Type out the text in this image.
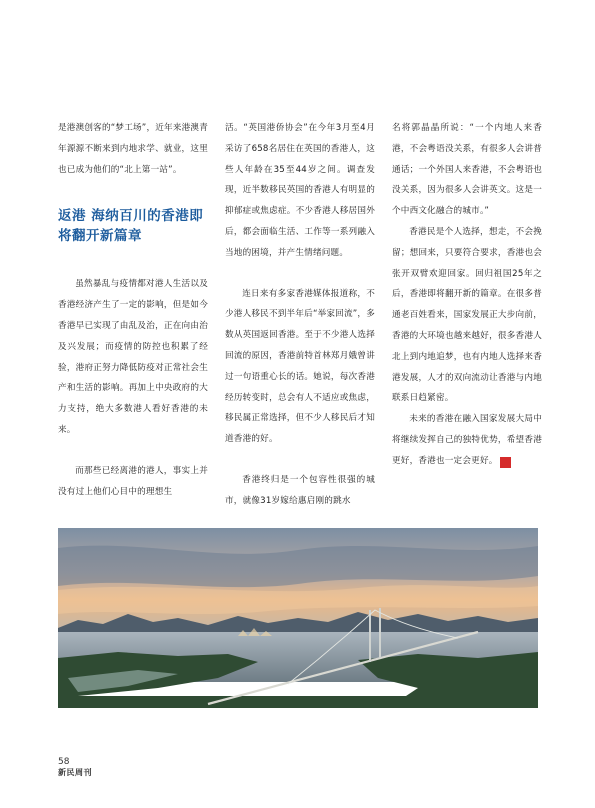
是港澳创客的“梦工场”，近年来港澳青年源源不断来到内地求学、就业，这里也已成为他们的“北上第一站”。

返港 海纳百川的香港即将翻开新篇章

虽然暴乱与疫情都对港人生活以及香港经济产生了一定的影响，但是如今香港早已实现了由乱及治，正在向由治及兴发展；而疫情的防控也积累了经验，港府正努力降低防疫对正常社会生产和生活的影响。再加上中央政府的大力支持，绝大多数港人看好香港的未来。

而那些已经离港的港人，事实上并没有过上他们心目中的理想生

活。“英国港侨协会”在今年3月至4月采访了658名居住在英国的香港人，这些人年龄在35至44岁之间。调查发现，近半数移民英国的香港人有明显的抑郁症或焦虑症。不少香港人移居国外后，都会面临生活、工作等一系列融入当地的困境，并产生情绪问题。

连日来有多家香港媒体报道称，不少港人移民不到半年后“举家回流”，多数从英国返回香港。至于不少港人选择回流的原因，香港前特首林郑月娥曾讲过一句语重心长的话。她说，每次香港经历转变时，总会有人不适应或焦虑，移民属正常选择，但不少人移民后才知道香港的好。

香港终归是一个包容性很强的城市，就像31岁嫁给惠启刚的跳水

名将郭晶晶所说：“一个内地人来香港，不会粤语没关系，有很多人会讲普通话；一个外国人来香港，不会粤语也没关系，因为很多人会讲英文。这是一个中西文化融合的城市。”

香港民是个人选择，想走，不会挽留；想回来，只要符合要求，香港也会张开双臂欢迎回家。回归祖国25年之后，香港即将翻开新的篇章。在很多普通老百姓看来，国家发展正大步向前，香港的大环境也越来越好，很多香港人北上到内地追梦，也有内地人选择来香港发展，人才的双向流动让香港与内地联系日趋紧密。

未来的香港在融入国家发展大局中将继续发挥自己的独特优势，希望香港更好，香港也一定会更好。 N

58
新民周刊
